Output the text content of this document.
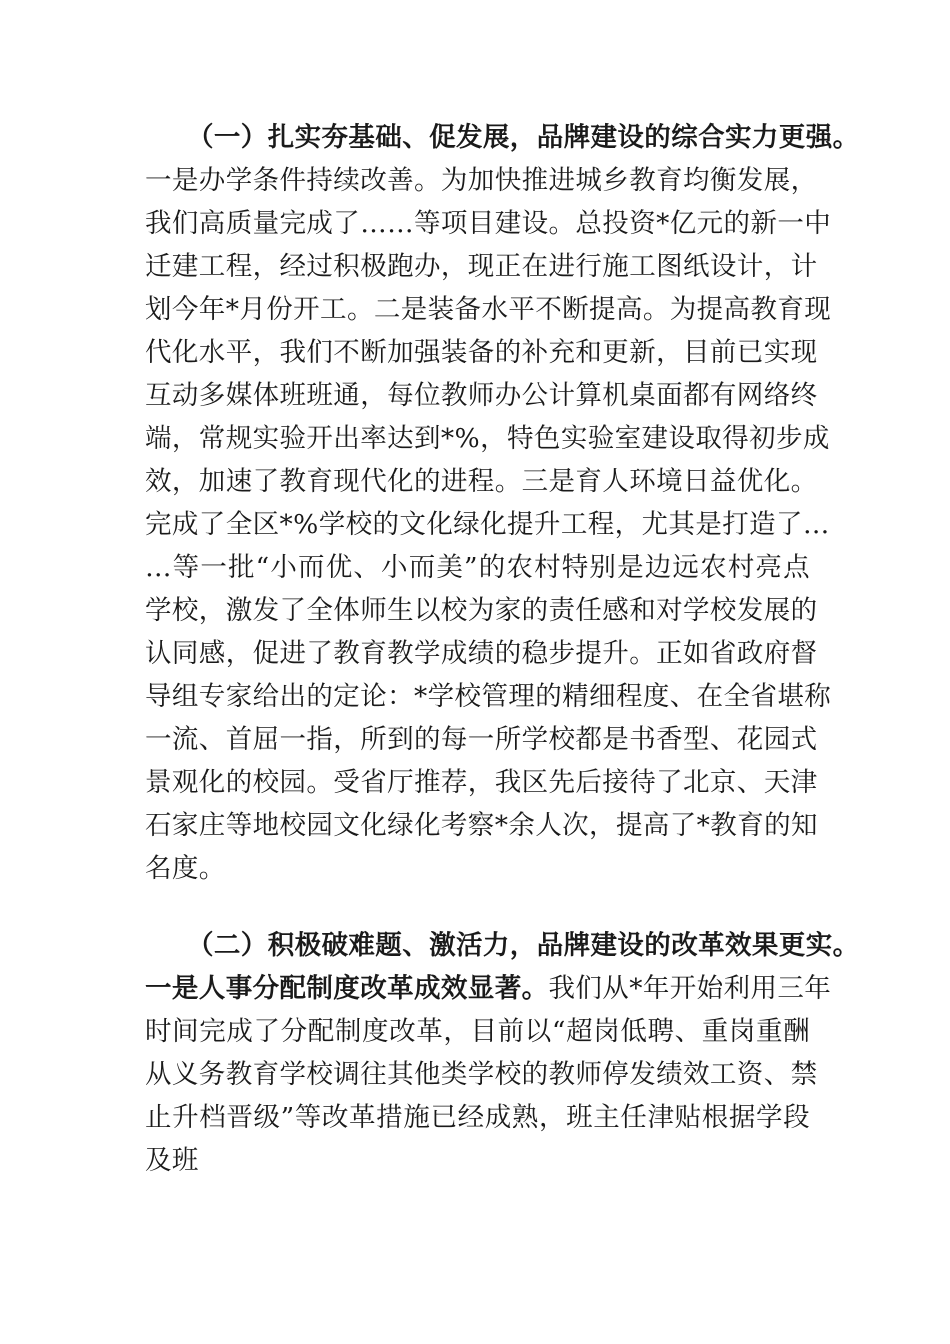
（一）扎实夯基础、促发展，品牌建设的综合实力更强。
一是办学条件持续改善。为加快推进城乡教育均衡发展，
我们高质量完成了……等项目建设。总投资*亿元的新一中
迁建工程，经过积极跑办，现正在进行施工图纸设计，计
划今年*月份开工。二是装备水平不断提高。为提高教育现
代化水平，我们不断加强装备的补充和更新，目前已实现
互动多媒体班班通，每位教师办公计算机桌面都有网络终
端，常规实验开出率达到*%，特色实验室建设取得初步成
效，加速了教育现代化的进程。三是育人环境日益优化。
完成了全区*%学校的文化绿化提升工程，尤其是打造了…
…等一批“小而优、小而美”的农村特别是边远农村亮点
学校，激发了全体师生以校为家的责任感和对学校发展的
认同感，促进了教育教学成绩的稳步提升。正如省政府督
导组专家给出的定论：*学校管理的精细程度、在全省堪称
一流、首屈一指，所到的每一所学校都是书香型、花园式
景观化的校园。受省厅推荐，我区先后接待了北京、天津
石家庄等地校园文化绿化考察*余人次，提高了*教育的知
名度。
（二）积极破难题、激活力，品牌建设的改革效果更实。
一是人事分配制度改革成效显著。我们从*年开始利用三年
时间完成了分配制度改革，目前以“超岗低聘、重岗重酬
从义务教育学校调往其他类学校的教师停发绩效工资、禁
止升档晋级”等改革措施已经成熟，班主任津贴根据学段
及班
